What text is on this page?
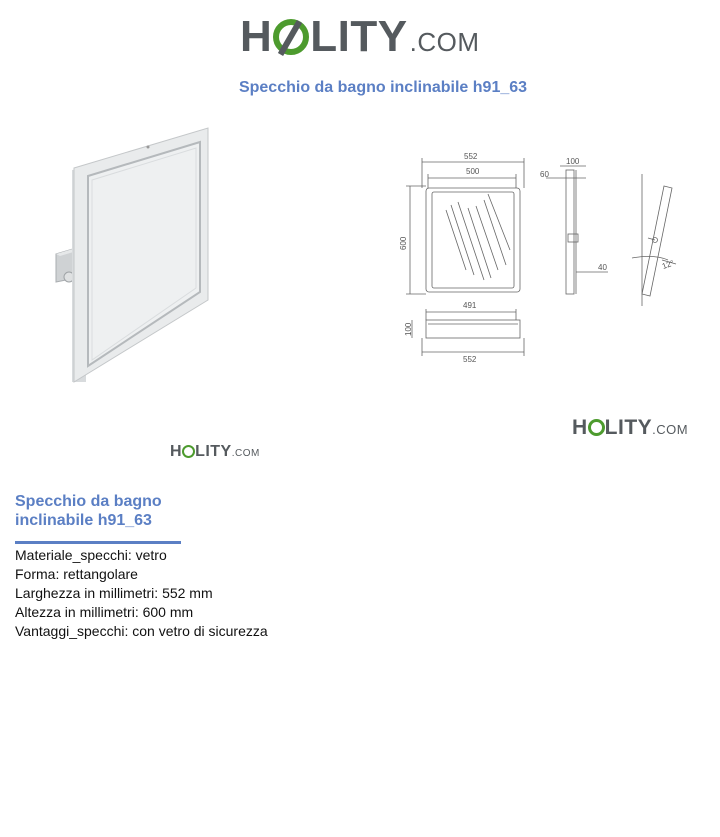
H LITY .COM
Specchio da bagno inclinabile h91_63
552
500
600
100
60
40
491
552
100
12°
H LITY .COM
H LITY .COM
Specchio da bagno inclinabile h91_63
Materiale_specchi: vetro
Forma: rettangolare
Larghezza in millimetri: 552 mm
Altezza in millimetri: 600 mm
Vantaggi_specchi: con vetro di sicurezza
